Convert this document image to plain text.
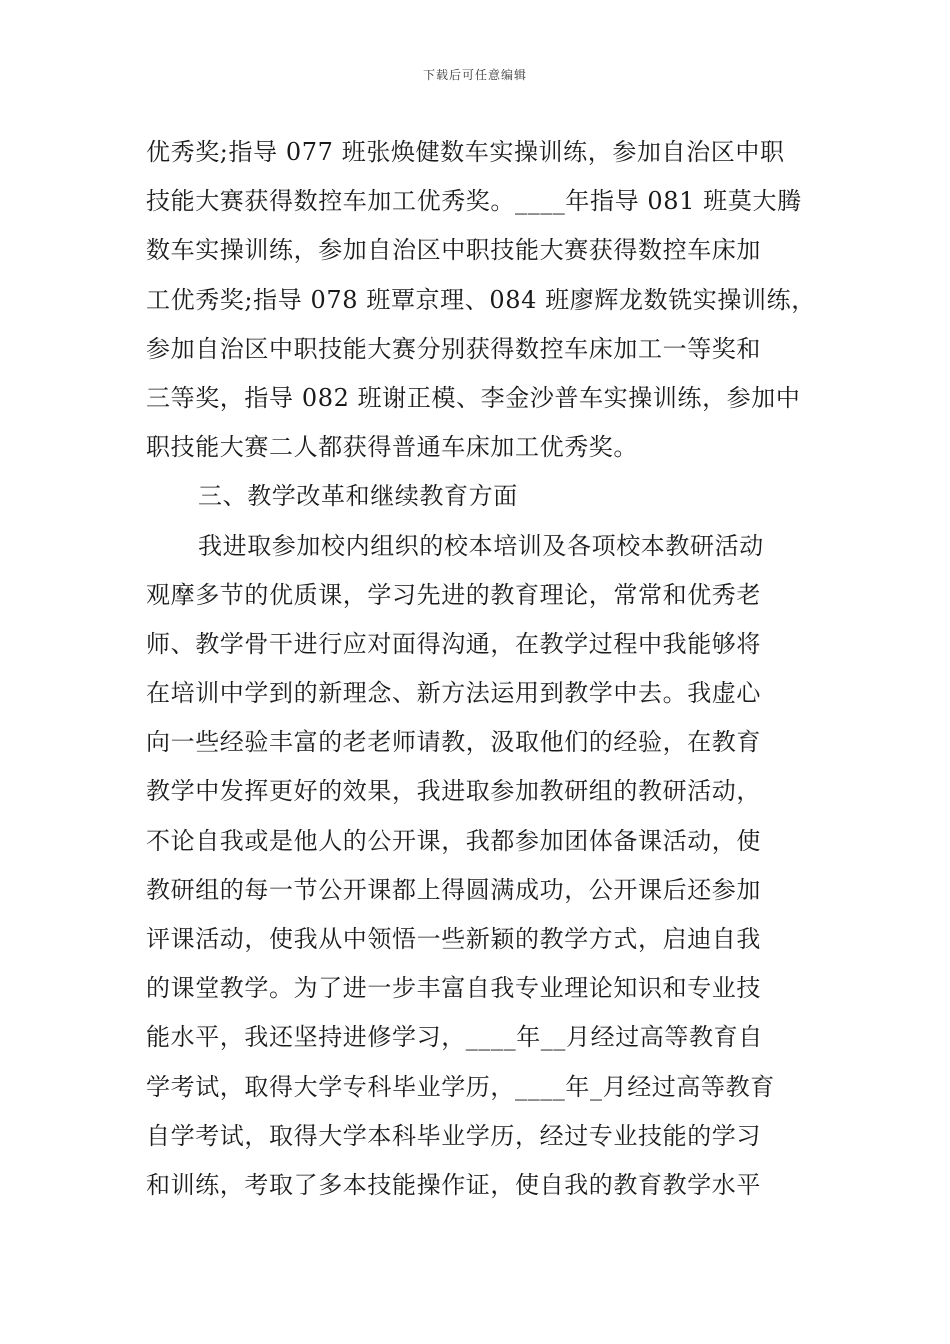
下载后可任意编辑
优秀奖;指导 077 班张焕健数车实操训练，参加自治区中职
技能大赛获得数控车加工优秀奖。____年指导 081 班莫大腾
数车实操训练，参加自治区中职技能大赛获得数控车床加
工优秀奖;指导 078 班覃京理、084 班廖辉龙数铣实操训练，
参加自治区中职技能大赛分别获得数控车床加工一等奖和
三等奖，指导 082 班谢正模、李金沙普车实操训练，参加中
职技能大赛二人都获得普通车床加工优秀奖。
三、教学改革和继续教育方面
我进取参加校内组织的校本培训及各项校本教研活动
观摩多节的优质课，学习先进的教育理论，常常和优秀老
师、教学骨干进行应对面得沟通，在教学过程中我能够将
在培训中学到的新理念、新方法运用到教学中去。我虚心
向一些经验丰富的老老师请教，汲取他们的经验，在教育
教学中发挥更好的效果，我进取参加教研组的教研活动，
不论自我或是他人的公开课，我都参加团体备课活动，使
教研组的每一节公开课都上得圆满成功，公开课后还参加
评课活动，使我从中领悟一些新颖的教学方式，启迪自我
的课堂教学。为了进一步丰富自我专业理论知识和专业技
能水平，我还坚持进修学习，____年__月经过高等教育自
学考试，取得大学专科毕业学历，____年_月经过高等教育
自学考试，取得大学本科毕业学历，经过专业技能的学习
和训练，考取了多本技能操作证，使自我的教育教学水平
